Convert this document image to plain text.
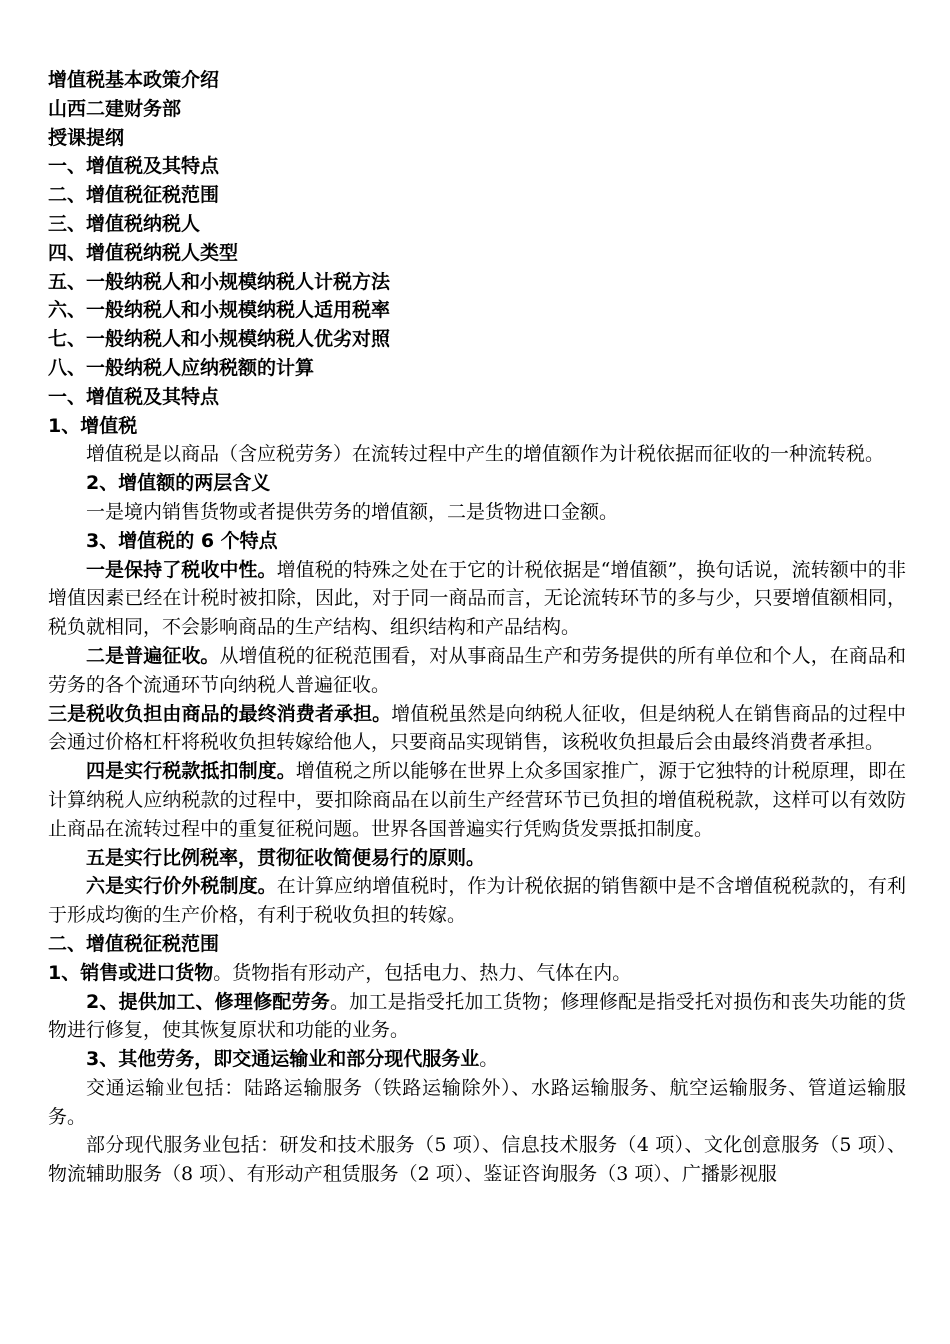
增值税基本政策介绍

山西二建财务部

授课提纲

一、增值税及其特点

二、增值税征税范围

三、增值税纳税人

四、增值税纳税人类型

五、一般纳税人和小规模纳税人计税方法

六、一般纳税人和小规模纳税人适用税率

七、一般纳税人和小规模纳税人优劣对照

八、一般纳税人应纳税额的计算

一、增值税及其特点

1、增值税

增值税是以商品（含应税劳务）在流转过程中产生的增值额作为计税依据而征收的一种流转税。

2、增值额的两层含义

一是境内销售货物或者提供劳务的增值额，二是货物进口金额。

3、增值税的 6 个特点

一是保持了税收中性。增值税的特殊之处在于它的计税依据是“增值额”，换句话说，流转额中的非增值因素已经在计税时被扣除，因此，对于同一商品而言，无论流转环节的多与少，只要增值额相同，税负就相同，不会影响商品的生产结构、组织结构和产品结构。

二是普遍征收。从增值税的征税范围看，对从事商品生产和劳务提供的所有单位和个人，在商品和劳务的各个流通环节向纳税人普遍征收。

三是税收负担由商品的最终消费者承担。增值税虽然是向纳税人征收，但是纳税人在销售商品的过程中会通过价格杠杆将税收负担转嫁给他人，只要商品实现销售，该税收负担最后会由最终消费者承担。

四是实行税款抵扣制度。增值税之所以能够在世界上众多国家推广，源于它独特的计税原理，即在计算纳税人应纳税款的过程中，要扣除商品在以前生产经营环节已负担的增值税税款，这样可以有效防止商品在流转过程中的重复征税问题。世界各国普遍实行凭购货发票抵扣制度。

五是实行比例税率，贯彻征收简便易行的原则。

六是实行价外税制度。在计算应纳增值税时，作为计税依据的销售额中是不含增值税税款的，有利于形成均衡的生产价格，有利于税收负担的转嫁。

二、增值税征税范围

1、销售或进口货物。货物指有形动产，包括电力、热力、气体在内。

2、提供加工、修理修配劳务。加工是指受托加工货物；修理修配是指受托对损伤和丧失功能的货物进行修复，使其恢复原状和功能的业务。

3、其他劳务，即交通运输业和部分现代服务业。

交通运输业包括：陆路运输服务（铁路运输除外）、水路运输服务、航空运输服务、管道运输服务。

部分现代服务业包括：研发和技术服务（5 项）、信息技术服务（4 项）、文化创意服务（5 项）、物流辅助服务（8 项）、有形动产租赁服务（2 项）、鉴证咨询服务（3 项）、广播影视服
